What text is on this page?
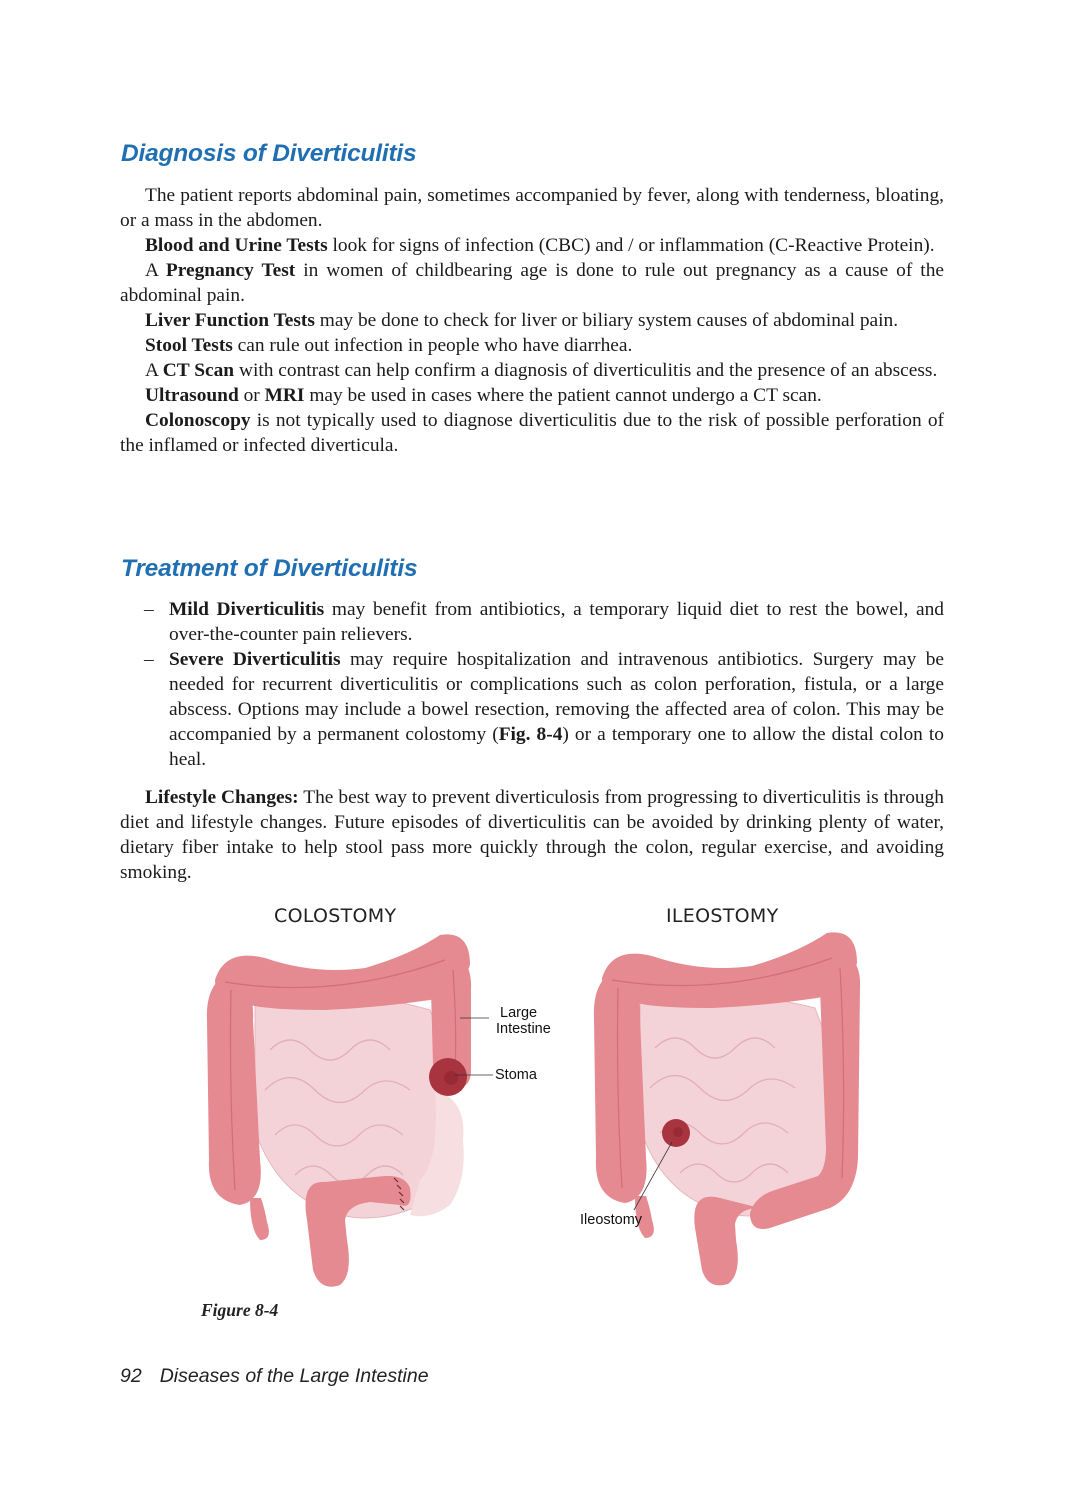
Diagnosis of Diverticulitis

The patient reports abdominal pain, sometimes accompanied by fever, along with tenderness, bloating, or a mass in the abdomen.

Blood and Urine Tests look for signs of infection (CBC) and / or inflammation (C-Reactive Protein).

A Pregnancy Test in women of childbearing age is done to rule out pregnancy as a cause of the abdominal pain.

Liver Function Tests may be done to check for liver or biliary system causes of abdominal pain.

Stool Tests can rule out infection in people who have diarrhea.

A CT Scan with contrast can help confirm a diagnosis of diverticulitis and the presence of an abscess.

Ultrasound or MRI may be used in cases where the patient cannot undergo a CT scan.

Colonoscopy is not typically used to diagnose diverticulitis due to the risk of possible perforation of the inflamed or infected diverticula.

Treatment of Diverticulitis
– Mild Diverticulitis may benefit from antibiotics, a temporary liquid diet to rest the bowel, and over-the-counter pain relievers.
– Severe Diverticulitis may require hospitalization and intravenous antibiotics. Surgery may be needed for recurrent diverticulitis or complications such as colon perforation, fistula, or a large abscess. Options may include a bowel resection, removing the affected area of colon. This may be accompanied by a permanent colostomy (Fig. 8-4) or a temporary one to allow the distal colon to heal.

Lifestyle Changes: The best way to prevent diverticulosis from progressing to diverticulitis is through diet and lifestyle changes. Future episodes of diverticulitis can be avoided by drinking plenty of water, dietary fiber intake to help stool pass more quickly through the colon, regular exercise, and avoiding smoking.

COLOSTOMY	ILEOSTOMY
Large
Intestine
Stoma
Ileostomy
Figure 8-4
92 Diseases of the Large Intestine
